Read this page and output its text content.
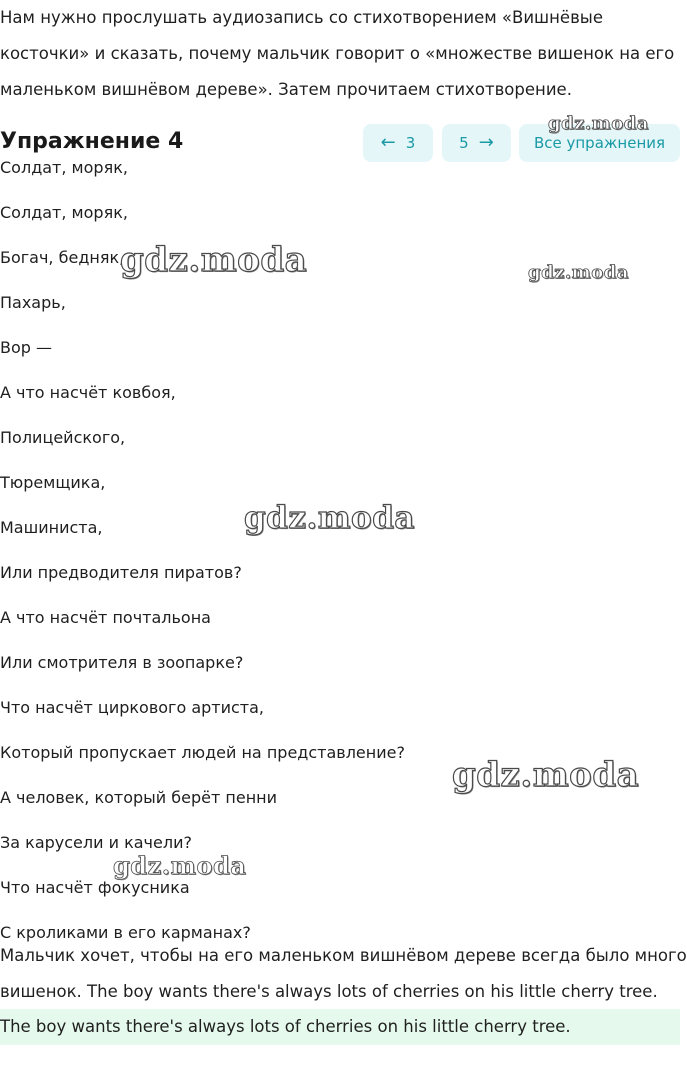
Нам нужно прослушать аудиозапись со стихотворением «Вишнёвые
косточки» и сказать, почему мальчик говорит о «множестве вишенок на его
маленьком вишнёвом дереве». Затем прочитаем стихотворение.
Упражнение 4	← 3	5 →	Все упражнения
Солдат, моряк,
Солдат, моряк,
Богач, бедняк,
Пахарь,
Вор —
А что насчёт ковбоя,
Полицейского,
Тюремщика,
Машиниста,
Или предводителя пиратов?
А что насчёт почтальона
Или смотрителя в зоопарке?
Что насчёт циркового артиста,
Который пропускает людей на представление?
А человек, который берёт пенни
За карусели и качели?
Что насчёт фокусника
С кроликами в его карманах?
Мальчик хочет, чтобы на его маленьком вишнёвом дереве всегда было много
вишенок. The boy wants there's always lots of cherries on his little cherry tree.
The boy wants there's always lots of cherries on his little cherry tree.
gdz.moda
gdz.moda	gdz.moda
gdz.moda
gdz.moda
gdz.moda
